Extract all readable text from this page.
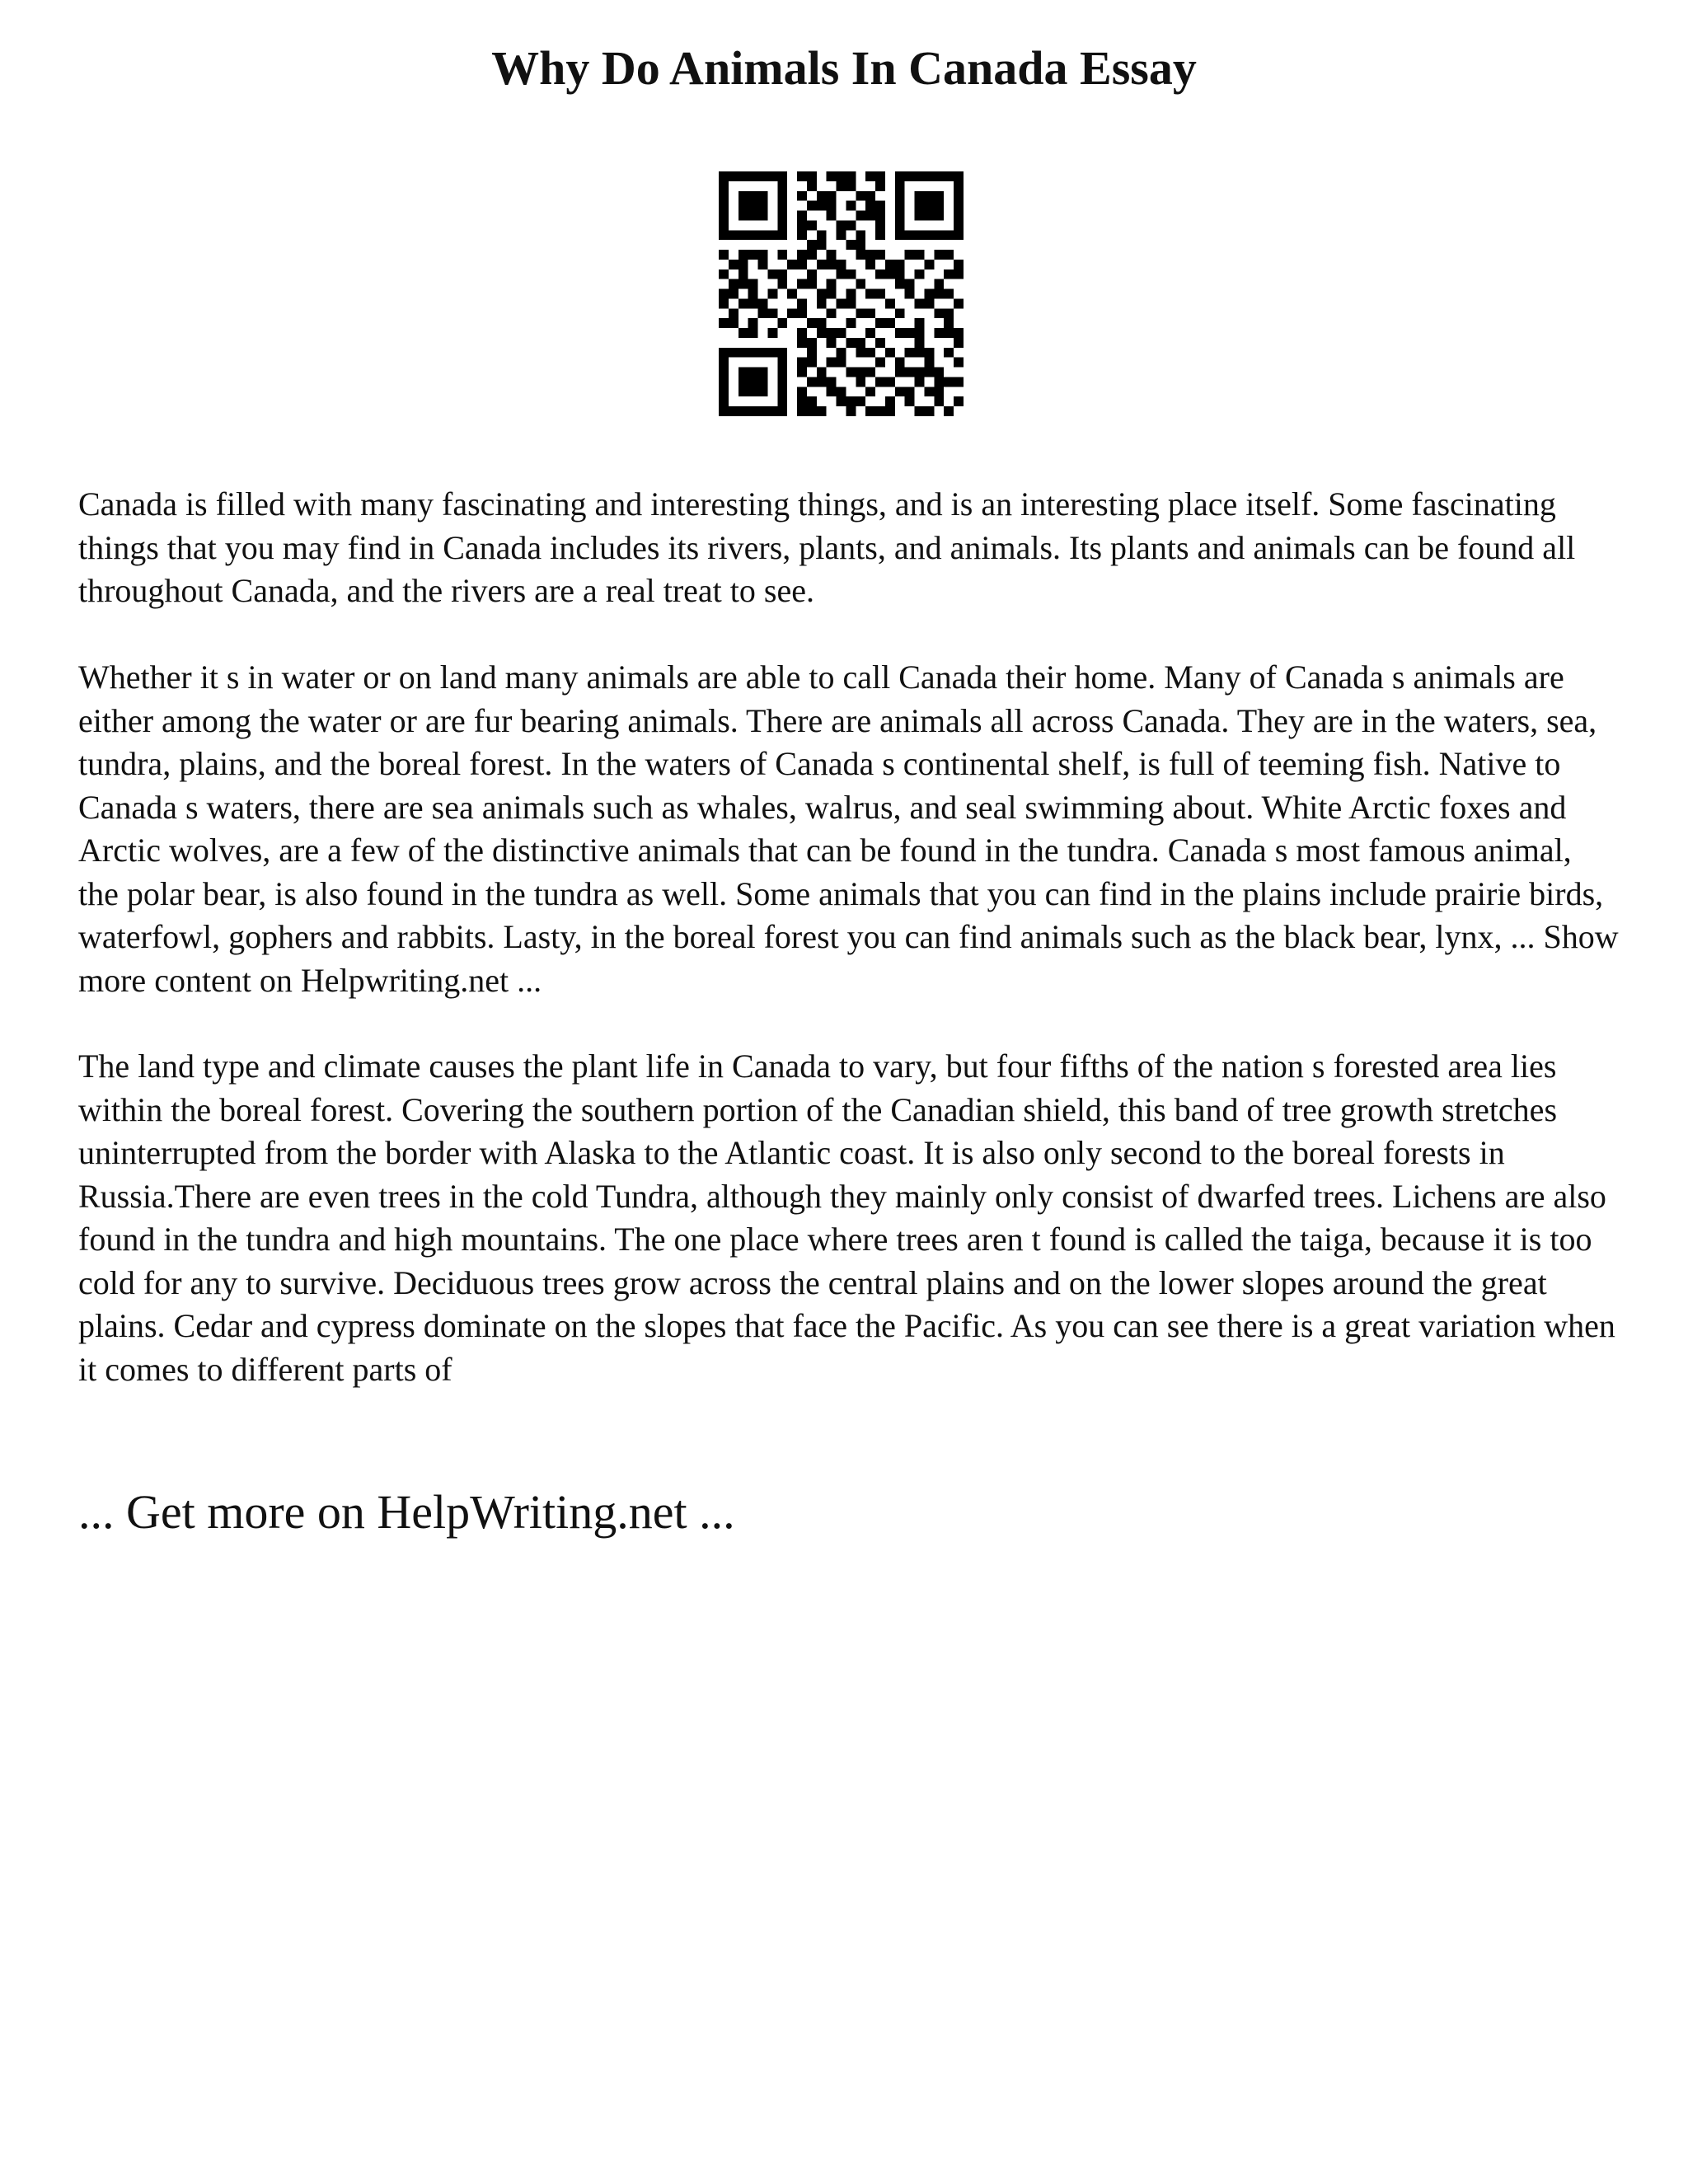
Why Do Animals In Canada Essay

Canada is filled with many fascinating and interesting things, and is an interesting place itself. Some fascinating things that you may find in Canada includes its rivers, plants, and animals. Its plants and animals can be found all throughout Canada, and the rivers are a real treat to see.

Whether it s in water or on land many animals are able to call Canada their home. Many of Canada s animals are either among the water or are fur bearing animals. There are animals all across Canada. They are in the waters, sea, tundra, plains, and the boreal forest. In the waters of Canada s continental shelf, is full of teeming fish. Native to Canada s waters, there are sea animals such as whales, walrus, and seal swimming about. White Arctic foxes and Arctic wolves, are a few of the distinctive animals that can be found in the tundra. Canada s most famous animal, the polar bear, is also found in the tundra as well. Some animals that you can find in the plains include prairie birds, waterfowl, gophers and rabbits. Lasty, in the boreal forest you can find animals such as the black bear, lynx, ... Show more content on Helpwriting.net ...

The land type and climate causes the plant life in Canada to vary, but four fifths of the nation s forested area lies within the boreal forest. Covering the southern portion of the Canadian shield, this band of tree growth stretches uninterrupted from the border with Alaska to the Atlantic coast. It is also only second to the boreal forests in Russia.There are even trees in the cold Tundra, although they mainly only consist of dwarfed trees. Lichens are also found in the tundra and high mountains. The one place where trees aren t found is called the taiga, because it is too cold for any to survive. Deciduous trees grow across the central plains and on the lower slopes around the great plains. Cedar and cypress dominate on the slopes that face the Pacific. As you can see there is a great variation when it comes to different parts of

... Get more on HelpWriting.net ...
